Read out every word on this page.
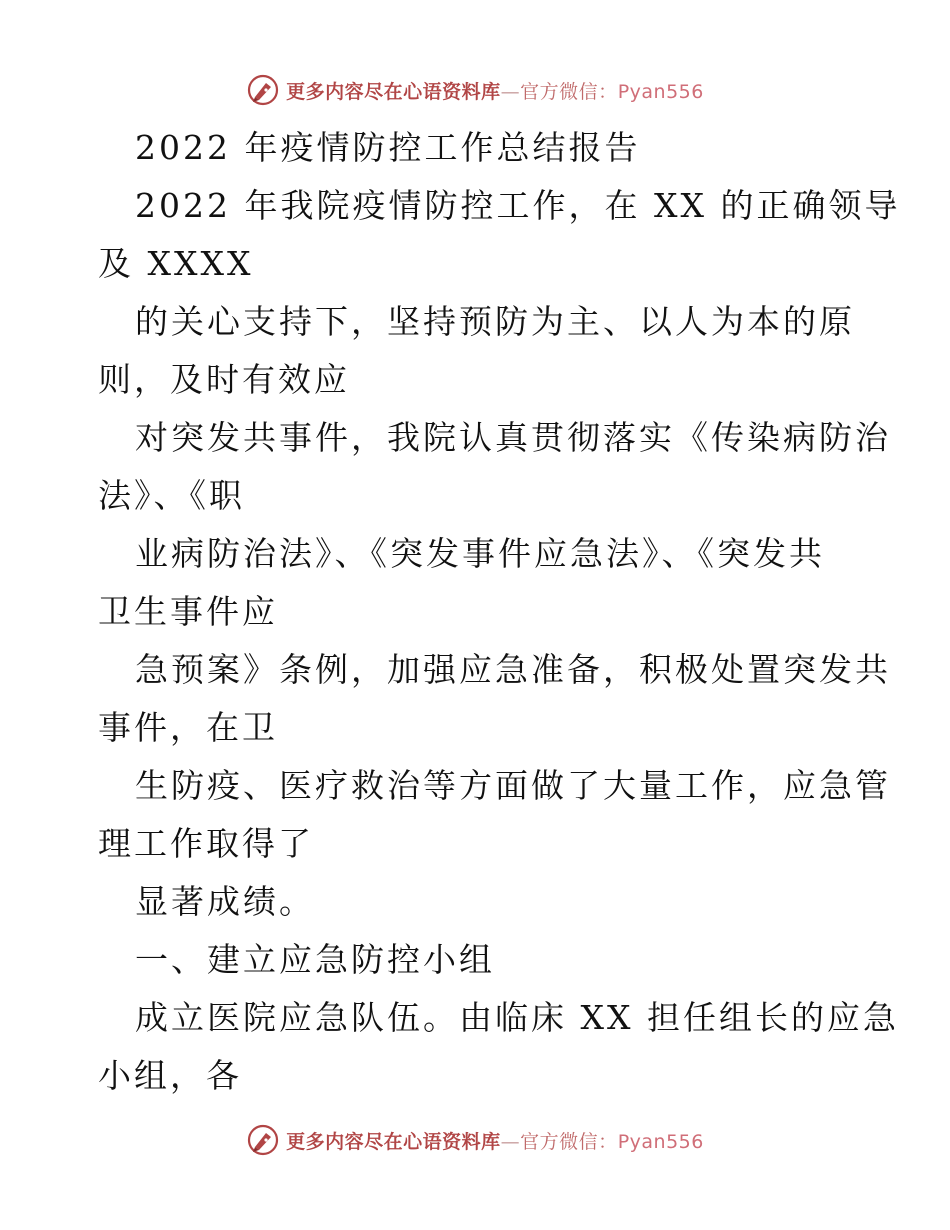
更多内容尽在心语资料库—官方微信：Pyan556
2022 年疫情防控工作总结报告
2022 年我院疫情防控工作，在 XX 的正确领导
及 XXXX
的关心支持下，坚持预防为主、以人为本的原
则，及时有效应
对突发共事件，我院认真贯彻落实《传染病防治
法》、《职
业病防治法》、《突发事件应急法》、《突发共
卫生事件应
急预案》条例，加强应急准备，积极处置突发共
事件，在卫
生防疫、医疗救治等方面做了大量工作，应急管
理工作取得了
显著成绩。
一、建立应急防控小组
成立医院应急队伍。由临床 XX 担任组长的应急
小组，各
更多内容尽在心语资料库—官方微信：Pyan556
